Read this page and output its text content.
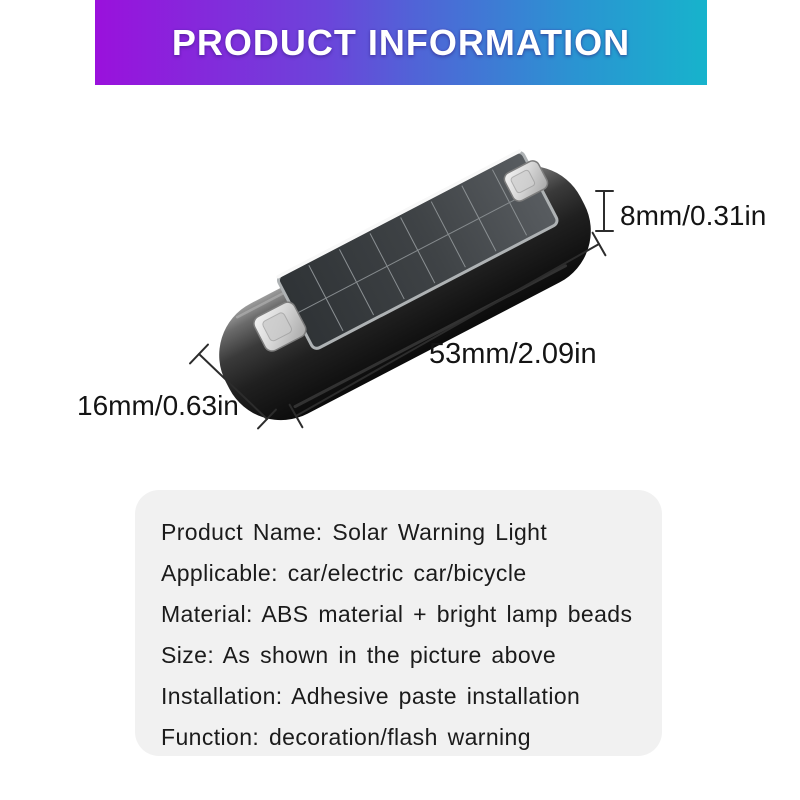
PRODUCT INFORMATION
8mm/0.31in
53mm/2.09in
16mm/0.63in

Product Name: Solar Warning Light

Applicable: car/electric car/bicycle

Material: ABS material + bright lamp beads

Size: As shown in the picture above

Installation: Adhesive paste installation

Function: decoration/flash warning
